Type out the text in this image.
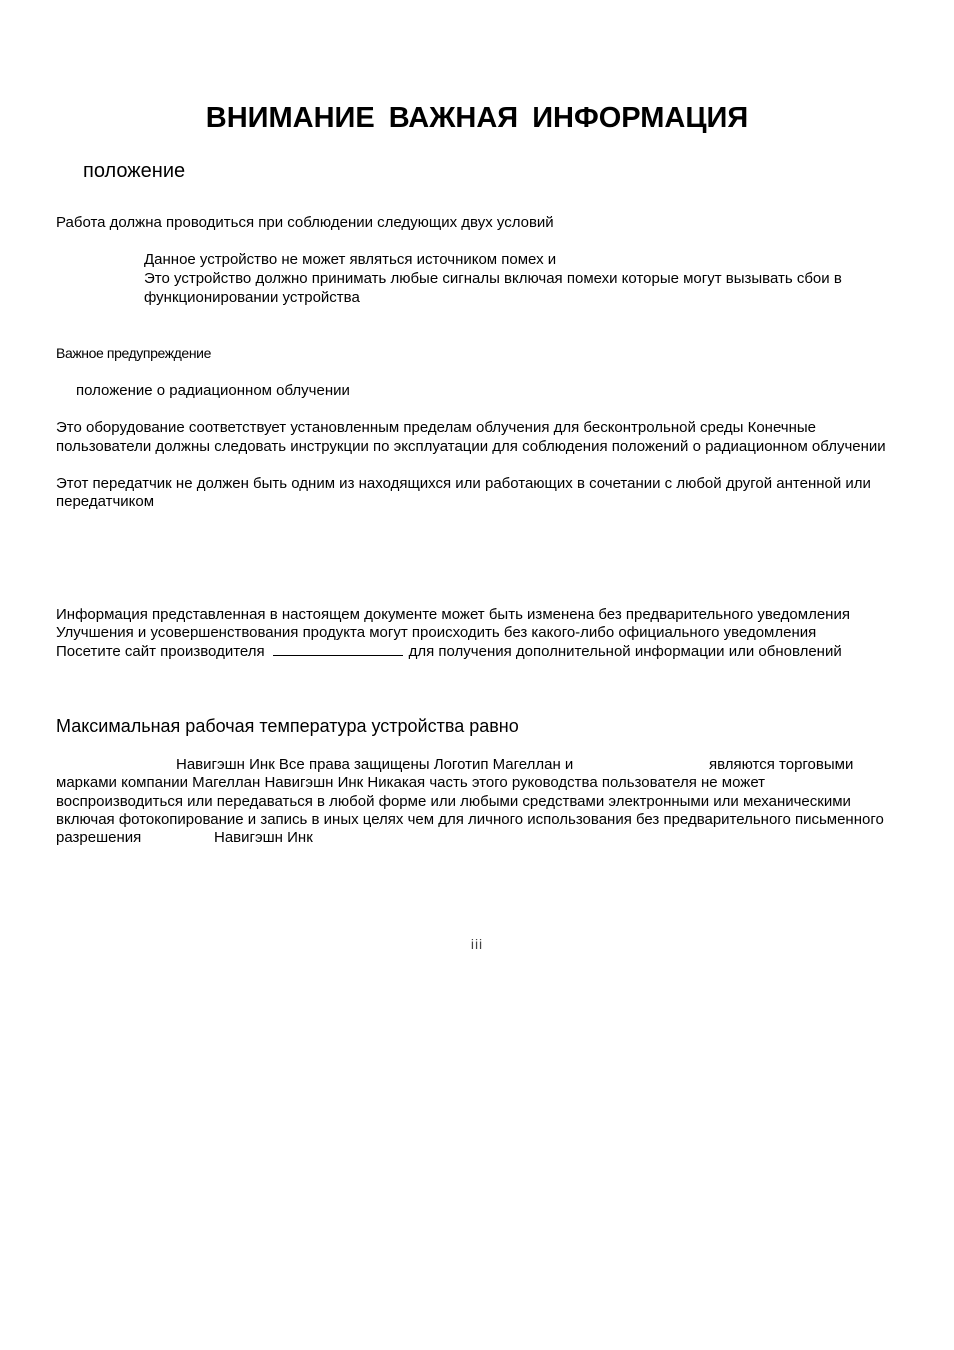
ВНИМАНИЕ ВАЖНАЯ ИНФОРМАЦИЯ
положение

Работа должна проводиться при соблюдении следующих двух условий

Данное устройство не может являться источником помех и

Это устройство должно принимать любые сигналы включая помехи которые могут вызывать сбои в

функционировании устройства

Важное предупреждение

положение о радиационном облучении

Это оборудование соответствует установленным пределам облучения для бесконтрольной среды Конечные

пользователи должны следовать инструкции по эксплуатации для соблюдения положений о радиационном облучении

Этот передатчик не должен быть одним из находящихся или работающих в сочетании с любой другой антенной или

передатчиком

Информация представленная в настоящем документе может быть изменена без предварительного уведомления

Улучшения и усовершенствования продукта могут происходить без какого-либо официального уведомления

Посетите сайт производителя	для получения дополнительной информации или обновлений

Максимальная рабочая температура устройства равно

Навигэшн Инк Все права защищены Логотип Магеллан и	являются торговыми

марками компании Магеллан Навигэшн Инк Никакая часть этого руководства пользователя не может

воспроизводиться или передаваться в любой форме или любыми средствами электронными или механическими

включая фотокопирование и запись в иных целях чем для личного использования без предварительного письменного

разрешения	Навигэшн Инк

iii
